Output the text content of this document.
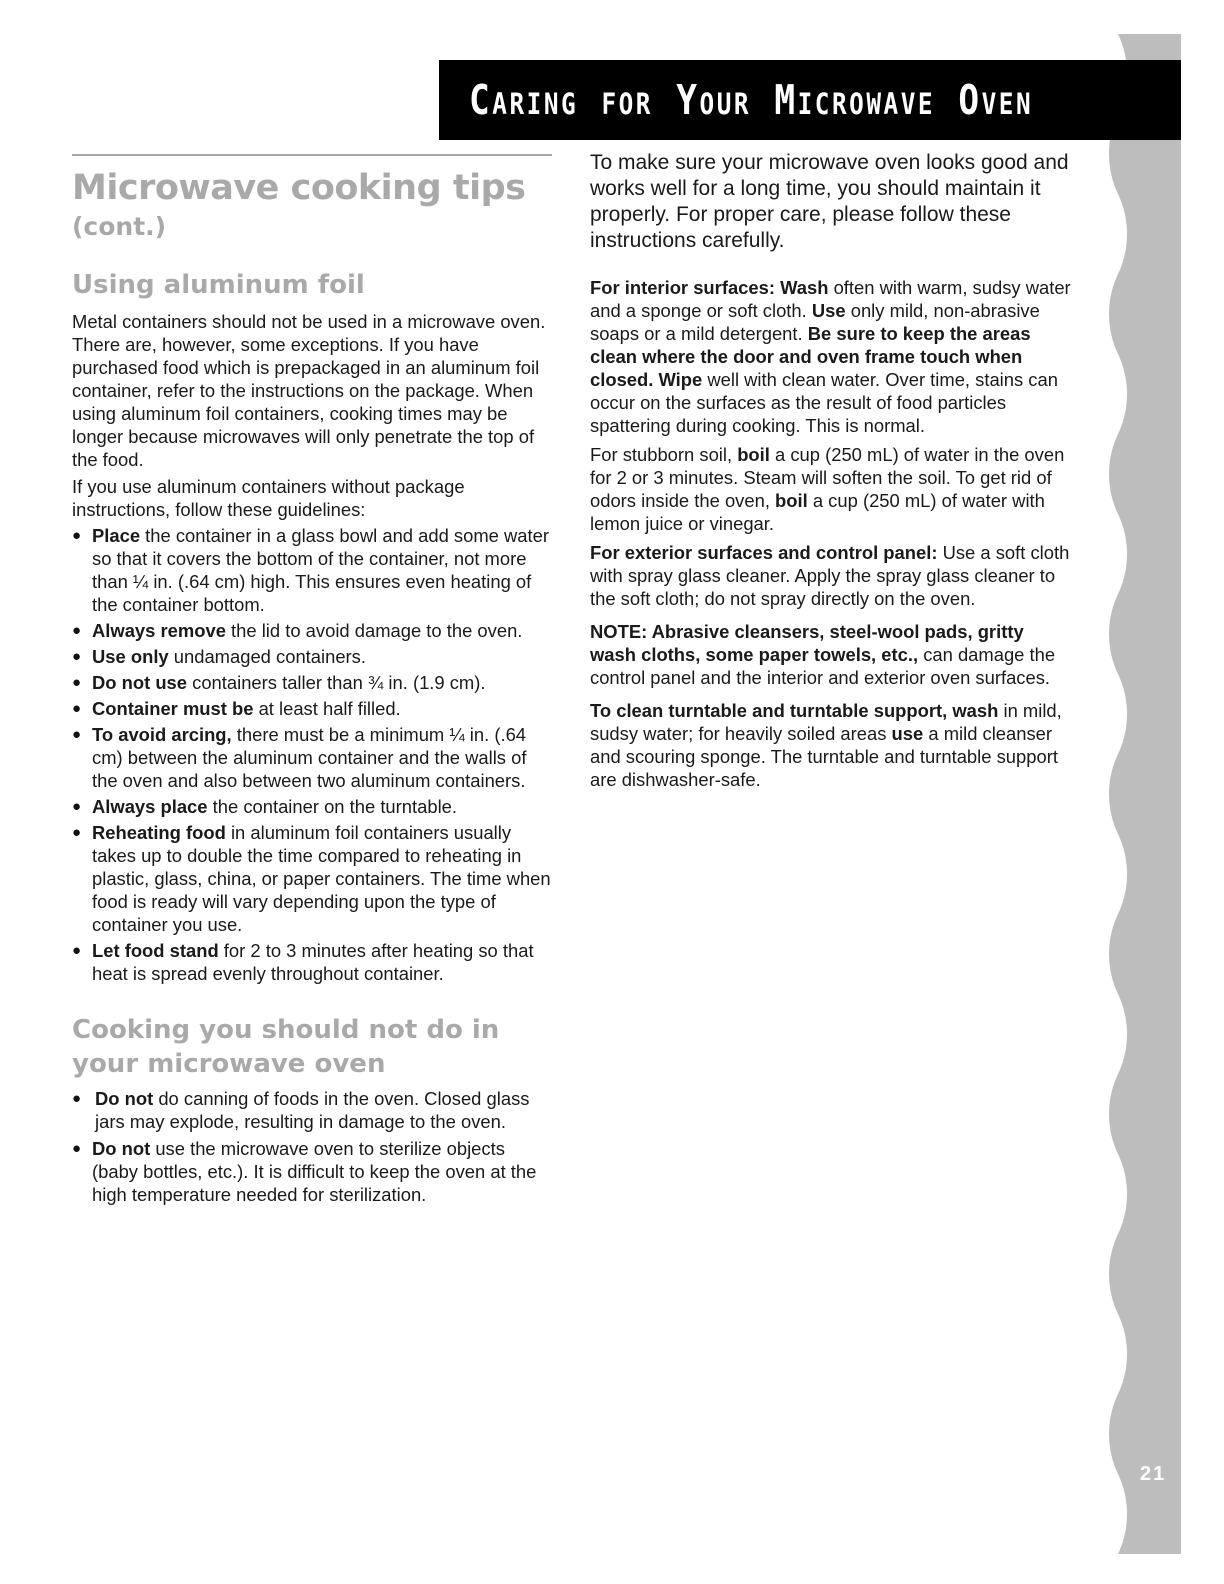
Caring for Your Microwave Oven
21
Microwave cooking tips
(cont.)
Using aluminum foil

Metal containers should not be used in a microwave oven. There are, however, some exceptions. If you have purchased food which is prepackaged in an aluminum foil container, refer to the instructions on the package. When using aluminum foil containers, cooking times may be longer because microwaves will only penetrate the top of the food.

If you use aluminum containers without package instructions, follow these guidelines:

● Place the container in a glass bowl and add some water so that it covers the bottom of the container, not more than ¼ in. (.64 cm) high. This ensures even heating of the container bottom.
● Always remove the lid to avoid damage to the oven.
● Use only undamaged containers.
● Do not use containers taller than ¾ in. (1.9 cm).
● Container must be at least half filled.
● To avoid arcing, there must be a minimum ¼ in. (.64 cm) between the aluminum container and the walls of the oven and also between two aluminum containers.
● Always place the container on the turntable.
● Reheating food in aluminum foil containers usually takes up to double the time compared to reheating in plastic, glass, china, or paper containers. The time when food is ready will vary depending upon the type of container you use.
● Let food stand for 2 to 3 minutes after heating so that heat is spread evenly throughout container.
Cooking you should not do in your microwave oven
● Do not do canning of foods in the oven. Closed glass jars may explode, resulting in damage to the oven.
● Do not use the microwave oven to sterilize objects (baby bottles, etc.). It is difficult to keep the oven at the high temperature needed for sterilization.

To make sure your microwave oven looks good and works well for a long time, you should maintain it properly. For proper care, please follow these instructions carefully.

For interior surfaces: Wash often with warm, sudsy water and a sponge or soft cloth. Use only mild, non-abrasive soaps or a mild detergent. Be sure to keep the areas clean where the door and oven frame touch when closed. Wipe well with clean water. Over time, stains can occur on the surfaces as the result of food particles spattering during cooking. This is normal.

For stubborn soil, boil a cup (250 mL) of water in the oven for 2 or 3 minutes. Steam will soften the soil. To get rid of odors inside the oven, boil a cup (250 mL) of water with lemon juice or vinegar.

For exterior surfaces and control panel: Use a soft cloth with spray glass cleaner. Apply the spray glass cleaner to the soft cloth; do not spray directly on the oven.

NOTE: Abrasive cleansers, steel-wool pads, gritty wash cloths, some paper towels, etc., can damage the control panel and the interior and exterior oven surfaces.

To clean turntable and turntable support, wash in mild, sudsy water; for heavily soiled areas use a mild cleanser and scouring sponge. The turntable and turntable support are dishwasher-safe.
